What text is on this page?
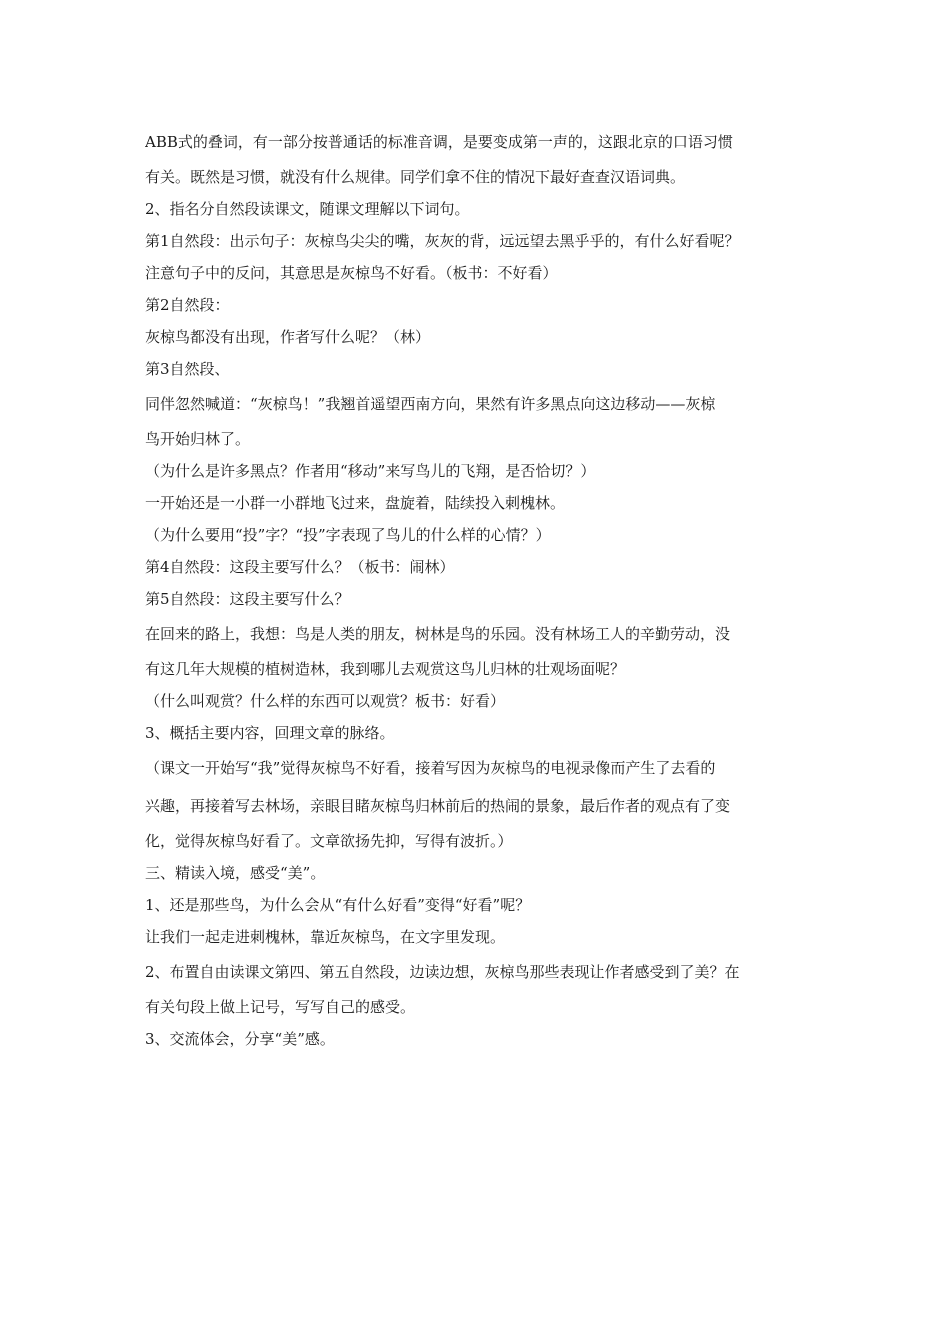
ABB式的叠词，有一部分按普通话的标准音调，是要变成第一声的，这跟北京的口语习惯
有关。既然是习惯，就没有什么规律。同学们拿不住的情况下最好查查汉语词典。
2、指名分自然段读课文，随课文理解以下词句。
第1自然段：出示句子：灰椋鸟尖尖的嘴，灰灰的背，远远望去黑乎乎的，有什么好看呢？
注意句子中的反问，其意思是灰椋鸟不好看。（板书：不好看）
第2自然段：
灰椋鸟都没有出现，作者写什么呢？（林）
第3自然段、
同伴忽然喊道：“灰椋鸟！”我翘首遥望西南方向，果然有许多黑点向这边移动——灰椋
鸟开始归林了。
（为什么是许多黑点？作者用“移动”来写鸟儿的飞翔，是否恰切？）
一开始还是一小群一小群地飞过来，盘旋着，陆续投入刺槐林。
（为什么要用“投”字？“投”字表现了鸟儿的什么样的心情？）
第4自然段：这段主要写什么？（板书：闹林）
第5自然段：这段主要写什么？
在回来的路上，我想：鸟是人类的朋友，树林是鸟的乐园。没有林场工人的辛勤劳动，没
有这几年大规模的植树造林，我到哪儿去观赏这鸟儿归林的壮观场面呢？
（什么叫观赏？什么样的东西可以观赏？板书：好看）
3、概括主要内容，回理文章的脉络。
（课文一开始写“我”觉得灰椋鸟不好看，接着写因为灰椋鸟的电视录像而产生了去看的
兴趣，再接着写去林场，亲眼目睹灰椋鸟归林前后的热闹的景象，最后作者的观点有了变
化，觉得灰椋鸟好看了。文章欲扬先抑，写得有波折。）
三、精读入境，感受“美”。
1、还是那些鸟，为什么会从“有什么好看”变得“好看”呢？
让我们一起走进刺槐林，靠近灰椋鸟，在文字里发现。
2、布置自由读课文第四、第五自然段，边读边想，灰椋鸟那些表现让作者感受到了美？在
有关句段上做上记号，写写自己的感受。
3、交流体会，分享“美”感。
